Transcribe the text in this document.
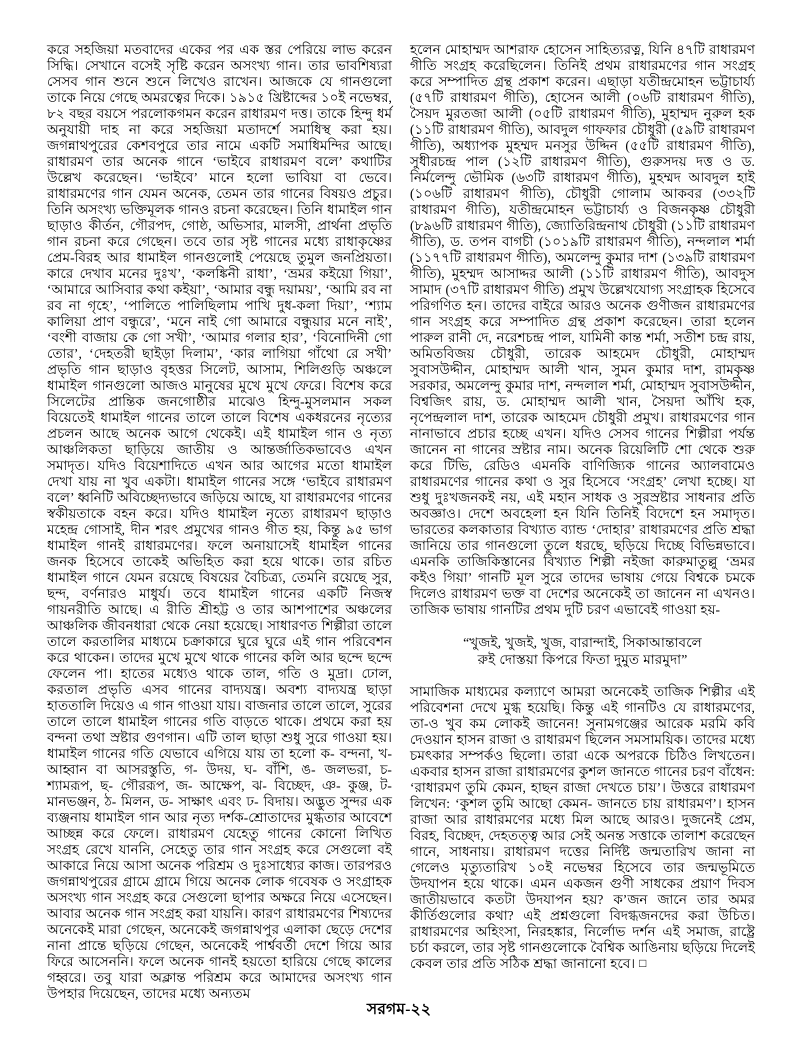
করে সহজিয়া মতবাদের একের পর এক স্তর পেরিয়ে লাভ করেন সিদ্ধি। সেখানে বসেই সৃষ্টি করেন অসংখ্য গান। তার ভাবশিষ্যরা সেসব গান শুনে শুনে লিখেও রাখেন। আজকে যে গানগুলো তাকে নিয়ে গেছে অমরত্বের দিকে। ১৯১৫ খ্রিষ্টাব্দের ১০ই নভেম্বর, ৮২ বছর বয়সে পরলোকগমন করেন রাধারমণ দত্ত। তাকে হিন্দু ধর্ম অনুযায়ী দাহ না করে সহজিয়া মতাদর্শে সমাধিস্থ করা হয়। জগন্নাথপুরের কেশবপুরে তার নামে একটি সমাধিমন্দির আছে। রাধারমণ তার অনেক গানে ‘ভাইবে রাধারমণ বলে’ কথাটির উল্লেখ করেছেন। ‘ভাইবে’ মানে হলো ভাবিয়া বা ভেবে। রাধারমণের গান যেমন অনেক, তেমন তার গানের বিষয়ও প্রচুর। তিনি অসংখ্য ভক্তিমূলক গানও রচনা করেছেন। তিনি ধামাইল গান ছাড়াও কীর্তন, গৌরপদ, গোষ্ঠ, অভিসার, মালসী, প্রার্থনা প্রভৃতি গান রচনা করে গেছেন। তবে তার সৃষ্ট গানের মধ্যে রাধাকৃষ্ণের প্রেম-বিরহ আর ধামাইল গানগুলোই পেয়েছে তুমুল জনপ্রিয়তা। কারে দেখাব মনের দুঃখ’, ‘কলঙ্কিনী রাধা’, ‘ভ্রমর কইয়ো গিয়া’, ‘আমারে আসিবার কথা কইয়া’, ‘আমার বন্ধু দয়াময়’, ‘আমি রব না রব না গৃহে’, ‘পালিতে পালিছিলাম পাখি দুধ-কলা দিয়া’, ‘শ্যাম কালিয়া প্রাণ বন্ধুরে’, ‘মনে নাই গো আমারে বন্ধুয়ার মনে নাই’, ‘বংশী বাজায় কে গো সখী’, ‘আমার গলার হার’, ‘বিনোদিনী গো তোর’, ‘দেহতরী ছাইড়া দিলাম’, ‘কার লাগিয়া গাঁথো রে সখী’ প্রভৃতি গান ছাড়াও বৃহত্তর সিলেট, আসাম, শিলিগুড়ি অঞ্চলে ধামাইল গানগুলো আজও মানুষের মুখে মুখে ফেরে। বিশেষ করে সিলেটের প্রান্তিক জনগোষ্ঠীর মাঝেও হিন্দু-মুসলমান সকল বিয়েতেই ধামাইল গানের তালে তালে বিশেষ একধরনের নৃত্যের প্রচলন আছে অনেক আগে থেকেই। এই ধামাইল গান ও নৃত্য আঞ্চলিকতা ছাড়িয়ে জাতীয় ও আন্তর্জাতিকভাবেও এখন সমাদৃত। যদিও বিয়েশাদিতে এখন আর আগের মতো ধামাইল দেখা যায় না খুব একটা। ধামাইল গানের সঙ্গে ‘ভাইবে রাধারমণ বলে’ ধ্বনিটি অবিচ্ছেদ্যভাবে জড়িয়ে আছে, যা রাধারমণের গানের স্বকীয়তাকে বহন করে। যদিও ধামাইল নৃত্যে রাধারমণ ছাড়াও মহেন্দ্র গোসাই, দীন শরৎ প্রমুখের গানও গীত হয়, কিন্তু ৯৫ ভাগ ধামাইল গানই রাধারমণের। ফলে অনায়াসেই ধামাইল গানের জনক হিসেবে তাকেই অভিহিত করা হয়ে থাকে। তার রচিত ধামাইল গানে যেমন রয়েছে বিষয়ের বৈচিত্র্য, তেমনি রয়েছে সুর, ছন্দ, বর্ণনারও মাধুর্য। তবে ধামাইল গানের একটি নিজস্ব গায়নরীতি আছে। এ রীতি শ্রীহট্ট ও তার আশপাশের অঞ্চলের আঞ্চলিক জীবনধারা থেকে নেয়া হয়েছে। সাধারণত শিল্পীরা তালে তালে করতালির মাধ্যমে চক্রাকারে ঘুরে ঘুরে এই গান পরিবেশন করে থাকেন। তাদের মুখে মুখে থাকে গানের কলি আর ছন্দে ছন্দে ফেলেন পা। হাতের মধ্যেও থাকে তাল, গতি ও মুদ্রা। ঢোল, করতাল প্রভৃতি এসব গানের বাদ্যযন্ত্র। অবশ্য বাদ্যযন্ত্র ছাড়া হাততালি দিয়েও এ গান গাওয়া যায়। বাজনার তালে তালে, সুরের তালে তালে ধামাইল গানের গতি বাড়তে থাকে। প্রথমে করা হয় বন্দনা তথা স্রষ্টার গুণগান। এটি তাল ছাড়া শুধু সুরে গাওয়া হয়। ধামাইল গানের গতি যেভাবে এগিয়ে যায় তা হলো ক- বন্দনা, খ- আহ্বান বা আসরস্তুতি, গ- উদয়, ঘ- বাঁশি, ঙ- জলভরা, চ- শ্যামরূপ, ছ- গৌররূপ, জ- আক্ষেপ, ঝ- বিচ্ছেদ, ঞ- কুঞ্জ, ট- মানভঞ্জন, ঠ- মিলন, ড- সাক্ষাৎ এবং ঢ- বিদায়। অদ্ভুত সুন্দর এক ব্যঞ্জনায় ধামাইল গান আর নৃত্য দর্শক-শ্রোতাদের মুগ্ধতার আবেশে আচ্ছন্ন করে ফেলে। রাধারমণ যেহেতু গানের কোনো লিখিত সংগ্রহ রেখে যাননি, সেহেতু তার গান সংগ্রহ করে সেগুলো বই আকারে নিয়ে আসা অনেক পরিশ্রম ও দুঃসাধ্যের কাজ। তারপরও জগন্নাথপুরের গ্রামে গ্রামে গিয়ে অনেক লোক গবেষক ও সংগ্রাহক অসংখ্য গান সংগ্রহ করে সেগুলো ছাপার অক্ষরে নিয়ে এসেছেন। আবার অনেক গান সংগ্রহ করা যায়নি। কারণ রাধারমণের শিষ্যদের অনেকেই মারা গেছেন, অনেকেই জগন্নাথপুর এলাকা ছেড়ে দেশের নানা প্রান্তে ছড়িয়ে গেছেন, অনেকেই পার্শ্ববর্তী দেশে গিয়ে আর ফিরে আসেননি। ফলে অনেক গানই হয়তো হারিয়ে গেছে কালের গহ্বরে। তবু যারা অক্লান্ত পরিশ্রম করে আমাদের অসংখ্য গান উপহার দিয়েছেন, তাদের মধ্যে অন্যতম

হলেন মোহাম্মদ আশরাফ হোসেন সাহিত্যরত্ন, যিনি ৪৭টি রাধারমণ গীতি সংগ্রহ করেছিলেন। তিনিই প্রথম রাধারমণের গান সংগ্রহ করে সম্পাদিত গ্রন্থ প্রকাশ করেন। এছাড়া যতীন্দ্রমোহন ভট্টাচার্য্য (৫৭টি রাধারমণ গীতি), হোসেন আলী (০৬টি রাধারমণ গীতি), সৈয়দ মুরতজা আলী (০৫টি রাধারমণ গীতি), মুহাম্মদ নুরুল হক (১১টি রাধারমণ গীতি), আবদুল গাফফার চৌধুরী (৫৯টি রাধারমণ গীতি), অধ্যাপক মুহম্মদ মনসুর উদ্দিন (৫৫টি রাধারমণ গীতি), সুধীরচন্দ্র পাল (১২টি রাধারমণ গীতি), গুরুসদয় দত্ত ও ড. নির্মলেন্দু ভৌমিক (৬৩টি রাধারমণ গীতি), মুহম্মদ আবদুল হাই (১০৬টি রাধারমণ গীতি), চৌধুরী গোলাম আকবর (৩৩২টি রাধারমণ গীতি), যতীন্দ্রমোহন ভট্টাচার্য্য ও বিজনকৃষ্ণ চৌধুরী (৮৯৬টি রাধারমণ গীতি), জ্যোতিরিন্দ্রনাথ চৌধুরী (১১টি রাধারমণ গীতি), ড. তপন বাগচী (১০১৯টি রাধারমণ গীতি), নন্দলাল শর্মা (১১৭৭টি রাধারমণ গীতি), অমলেন্দু কুমার দাশ (১৩৯টি রাধারমণ গীতি), মুহম্মদ আসাদ্দর আলী (১১টি রাধারমণ গীতি), আবদুস সামাদ (৩৭টি রাধারমণ গীতি) প্রমুখ উল্লেখযোগ্য সংগ্রাহক হিসেবে পরিগণিত হন। তাদের বাইরে আরও অনেক গুণীজন রাধারমণের গান সংগ্রহ করে সম্পাদিত গ্রন্থ প্রকাশ করেছেন। তারা হলেন পারুল রানী দে, নরেশচন্দ্র পাল, যামিনী কান্ত শর্মা, সতীশ চন্দ্র রায়, অমিতবিজয় চৌধুরী, তারেক আহমেদ চৌধুরী, মোহাম্মদ সুবাসউদ্দীন, মোহাম্মদ আলী খান, সুমন কুমার দাশ, রামকৃষ্ণ সরকার, অমলেন্দু কুমার দাশ, নন্দলাল শর্মা, মোহাম্মদ সুবাসউদ্দীন, বিশ্বজিৎ রায়, ড. মোহাম্মদ আলী খান, সৈয়দা আঁখি হক, নৃপেন্দ্রলাল দাশ, তারেক আহমেদ চৌধুরী প্রমুখ। রাধারমণের গান নানাভাবে প্রচার হচ্ছে এখন। যদিও সেসব গানের শিল্পীরা পর্যন্ত জানেন না গানের স্রষ্টার নাম। অনেক রিয়েলিটি শো থেকে শুরু করে টিভি, রেডিও এমনকি বাণিজ্যিক গানের অ্যালবামেও রাধারমণের গানের কথা ও সুর হিসেবে ‘সংগ্রহ’ লেখা হচ্ছে। যা শুধু দুঃখজনকই নয়, এই মহান সাধক ও সুরস্রষ্টার সাধনার প্রতি অবজ্ঞাও। দেশে অবহেলা হন যিনি তিনিই বিদেশে হন সমাদৃত। ভারতের কলকাতার বিখ্যাত ব্যান্ড ‘দোহার’ রাধারমণের প্রতি শ্রদ্ধা জানিয়ে তার গানগুলো তুলে ধরছে, ছড়িয়ে দিচ্ছে বিভিন্নভাবে। এমনকি তাজিকিস্তানের বিখ্যাত শিল্পী নইজা কারুমাতুল্লু ‘ভ্রমর কইও গিয়া’ গানটি মূল সুরে তাদের ভাষায় গেয়ে বিশ্বকে চমকে দিলেও রাধারমণ ভক্ত বা দেশের অনেকেই তা জানেন না এখনও। তাজিক ভাষায় গানটির প্রথম দুটি চরণ এভাবেই গাওয়া হয়-

“খুজই, খুজই, খুজ, বারান্দাই, সিকাআন্তাবলে
রুই দোস্তয়া কিপরে ফিতা দুমুত মারমুদা”

সামাজিক মাধ্যমের কল্যাণে আমরা অনেকেই তাজিক শিল্পীর এই পরিবেশনা দেখে মুগ্ধ হয়েছি। কিন্তু এই গানটিও যে রাধারমণের, তা-ও খুব কম লোকই জানেন! সুনামগঞ্জের আরেক মরমি কবি দেওয়ান হাসন রাজা ও রাধারমণ ছিলেন সমসাময়িক। তাদের মধ্যে চমৎকার সম্পর্কও ছিলো। তারা একে অপরকে চিঠিও লিখতেন। একবার হাসন রাজা রাধারমণের কুশল জানতে গানের চরণ বাঁধেন: ‘রাধারমণ তুমি কেমন, হাছন রাজা দেখতে চায়’। উত্তরে রাধারমণ লিখেন: ‘কুশল তুমি আছো কেমন- জানতে চায় রাধারমণ’। হাসন রাজা আর রাধারমণের মধ্যে মিল আছে আরও। দুজনেই প্রেম, বিরহ, বিচ্ছেদ, দেহতত্ত্ব আর সেই অনন্ত সত্তাকে তালাশ করেছেন গানে, সাধনায়। রাধারমণ দত্তের নির্দিষ্ট জন্মতারিখ জানা না গেলেও মৃত্যুতারিখ ১০ই নভেম্বর হিসেবে তার জন্মভূমিতে উদযাপন হয়ে থাকে। এমন একজন গুণী সাধকের প্রয়াণ দিবস জাতীয়ভাবে কতটা উদযাপন হয়? ক’জন জানে তার অমর কীর্তিগুলোর কথা? এই প্রশ্নগুলো বিদগ্ধজনদের করা উচিত। রাধারমণের অহিংসা, নিরহঙ্কার, নির্লোভ দর্শন এই সমাজ, রাষ্ট্রে চর্চা করলে, তার সৃষ্ট গানগুলোকে বৈশ্বিক আঙিনায় ছড়িয়ে দিলেই কেবল তার প্রতি সঠিক শ্রদ্ধা জানানো হবে। □

সরগম-২২
